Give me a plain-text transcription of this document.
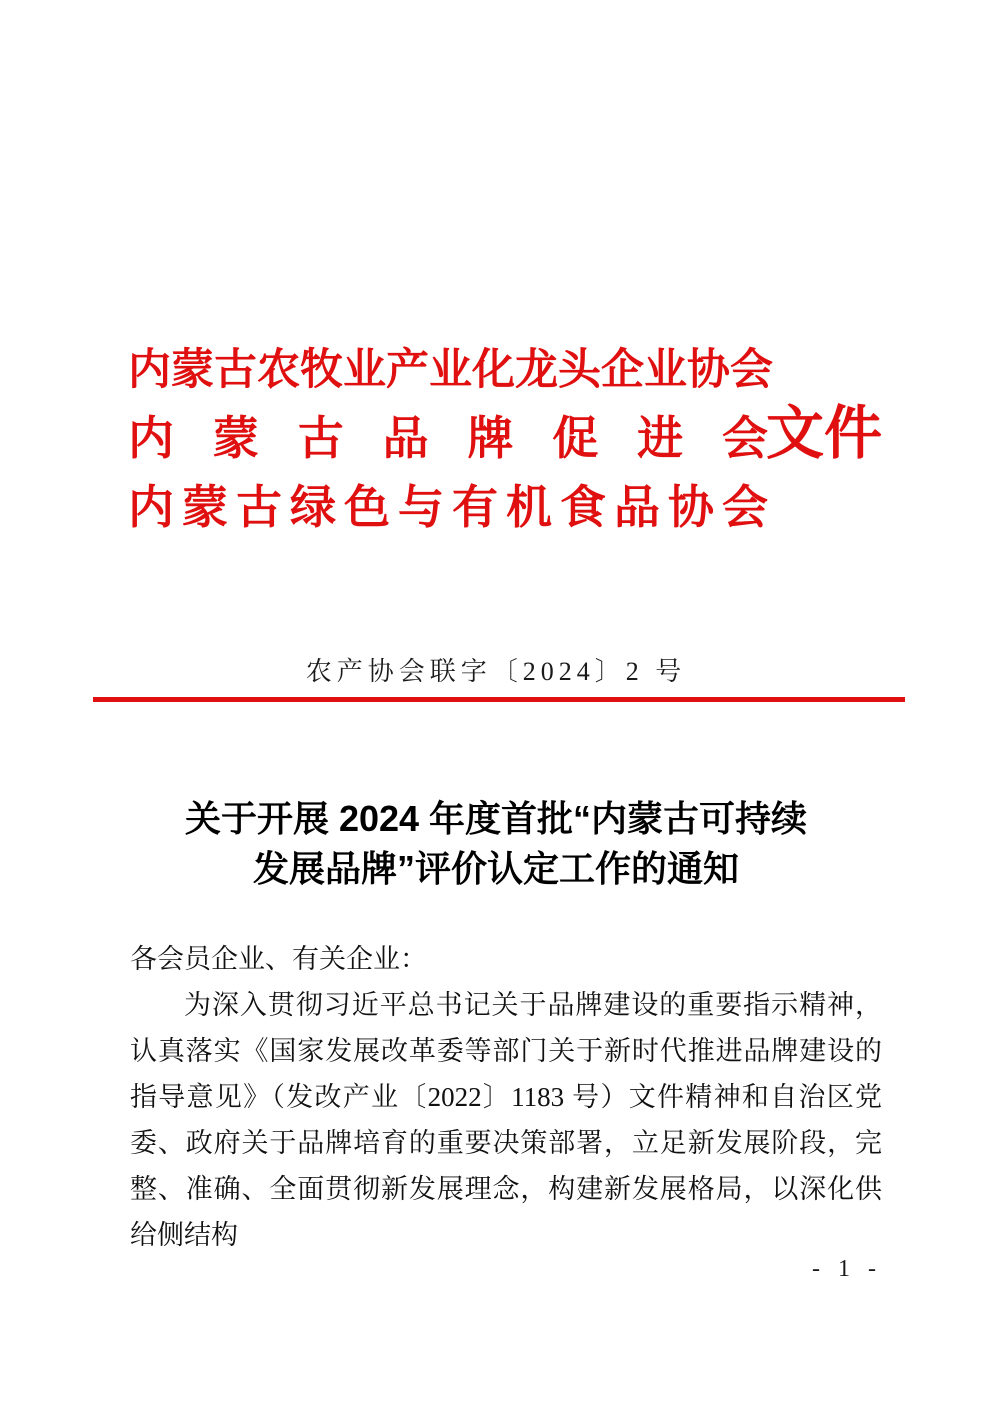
内蒙古农牧业产业化龙头企业协会
内蒙古品牌促进会
内蒙古绿色与有机食品协会
文件
农产协会联字〔2024〕2 号
关于开展 2024 年度首批“内蒙古可持续
发展品牌”评价认定工作的通知
各会员企业、有关企业：
为深入贯彻习近平总书记关于品牌建设的重要指示精神，认真落实《国家发展改革委等部门关于新时代推进品牌建设的指导意见》（发改产业〔2022〕1183 号）文件精神和自治区党委、政府关于品牌培育的重要决策部署，立足新发展阶段，完整、准确、全面贯彻新发展理念，构建新发展格局，以深化供给侧结构
- 1 -
